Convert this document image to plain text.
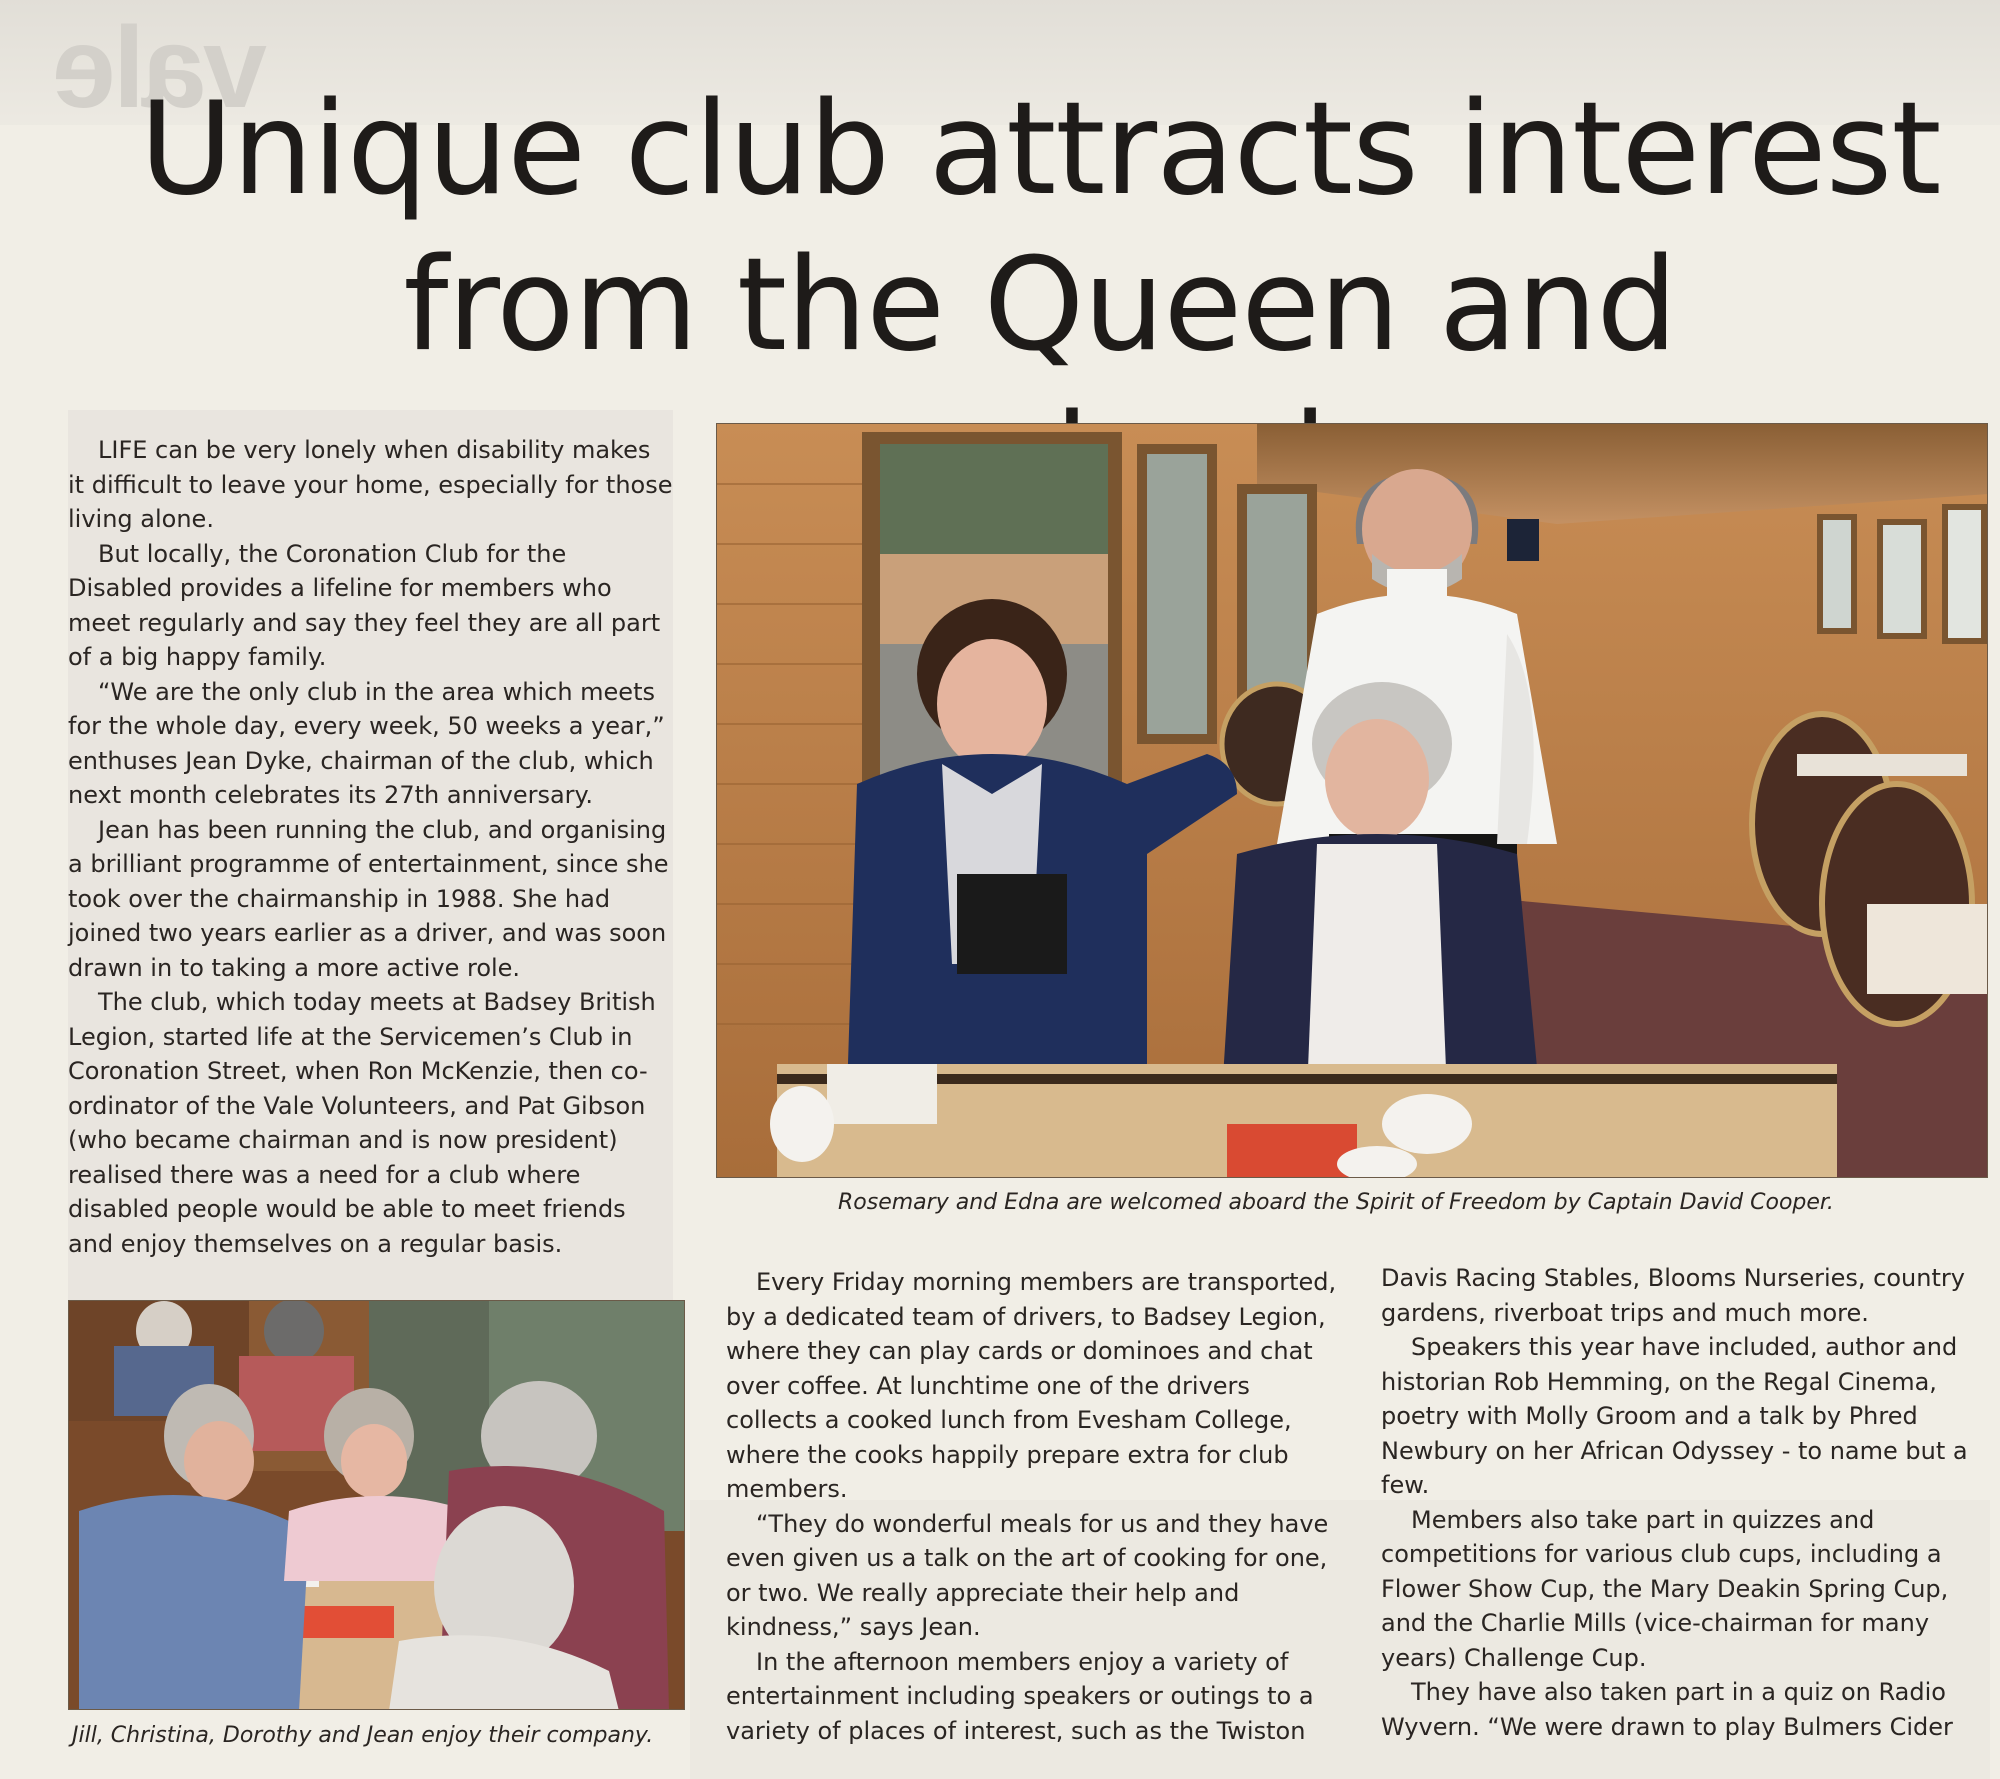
vale
Unique club attracts interest
from the Queen and

LIFE can be very lonely when disability makes it difficult to leave your home, especially for those living alone.

But locally, the Coronation Club for the Disabled provides a lifeline for members who meet regularly and say they feel they are all part of a big happy family.

“We are the only club in the area which meets for the whole day, every week, 50 weeks a year,” enthuses Jean Dyke, chairman of the club, which next month celebrates its 27th anniversary.

Jean has been running the club, and organising a brilliant programme of entertainment, since she took over the chairmanship in 1988. She had joined two years earlier as a driver, and was soon drawn in to taking a more active role.

The club, which today meets at Badsey British Legion, started life at the Servicemen’s Club in Coronation Street, when Ron McKenzie, then co-ordinator of the Vale Volunteers, and Pat Gibson (who became chairman and is now president) realised there was a need for a club where disabled people would be able to meet friends and enjoy themselves on a regular basis.

Rosemary and Edna are welcomed aboard the Spirit of Freedom by Captain David Cooper.
Jill, Christina, Dorothy and Jean enjoy their company.

Every Friday morning members are transported, by a dedicated team of drivers, to Badsey Legion, where they can play cards or dominoes and chat over coffee. At lunchtime one of the drivers collects a cooked lunch from Evesham College, where the cooks happily prepare extra for club members.

“They do wonderful meals for us and they have even given us a talk on the art of cooking for one, or two. We really appreciate their help and kindness,” says Jean.

In the afternoon members enjoy a variety of entertainment including speakers or outings to a variety of places of interest, such as the Twiston

Davis Racing Stables, Blooms Nurseries, country gardens, riverboat trips and much more.

Speakers this year have included, author and historian Rob Hemming, on the Regal Cinema, poetry with Molly Groom and a talk by Phred Newbury on her African Odyssey - to name but a few.

Members also take part in quizzes and competitions for various club cups, including a Flower Show Cup, the Mary Deakin Spring Cup, and the Charlie Mills (vice-chairman for many years) Challenge Cup.

They have also taken part in a quiz on Radio Wyvern. “We were drawn to play Bulmers Cider
